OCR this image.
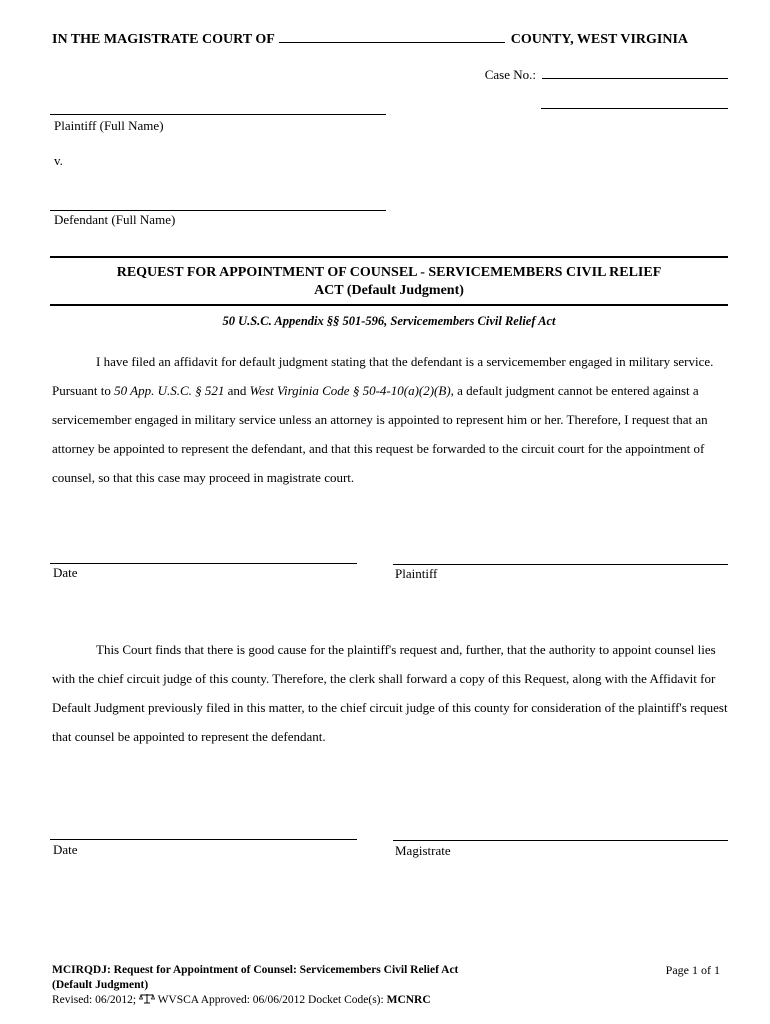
IN THE MAGISTRATE COURT OF	COUNTY, WEST VIRGINIA
Case No.:
Plaintiff (Full Name)
v.
Defendant (Full Name)
REQUEST FOR APPOINTMENT OF COUNSEL - SERVICEMEMBERS CIVIL RELIEF
ACT (Default Judgment)
50 U.S.C. Appendix §§ 501-596, Servicemembers Civil Relief Act
I have filed an affidavit for default judgment stating that the defendant is a servicemember engaged in military service. Pursuant to 50 App. U.S.C. § 521 and West Virginia Code § 50-4-10(a)(2)(B), a default judgment cannot be entered against a servicemember engaged in military service unless an attorney is appointed to represent him or her. Therefore, I request that an attorney be appointed to represent the defendant, and that this request be forwarded to the circuit court for the appointment of counsel, so that this case may proceed in magistrate court.
Date	Plaintiff
This Court finds that there is good cause for the plaintiff's request and, further, that the authority to appoint counsel lies with the chief circuit judge of this county. Therefore, the clerk shall forward a copy of this Request, along with the Affidavit for Default Judgment previously filed in this matter, to the chief circuit judge of this county for consideration of the plaintiff's request that counsel be appointed to represent the defendant.
Date	Magistrate
MCIRQDJ: Request for Appointment of Counsel: Servicemembers Civil Relief Act
(Default Judgment)
Revised: 06/2012; WVSCA Approved: 06/06/2012 Docket Code(s): MCNRC
Page 1 of 1
